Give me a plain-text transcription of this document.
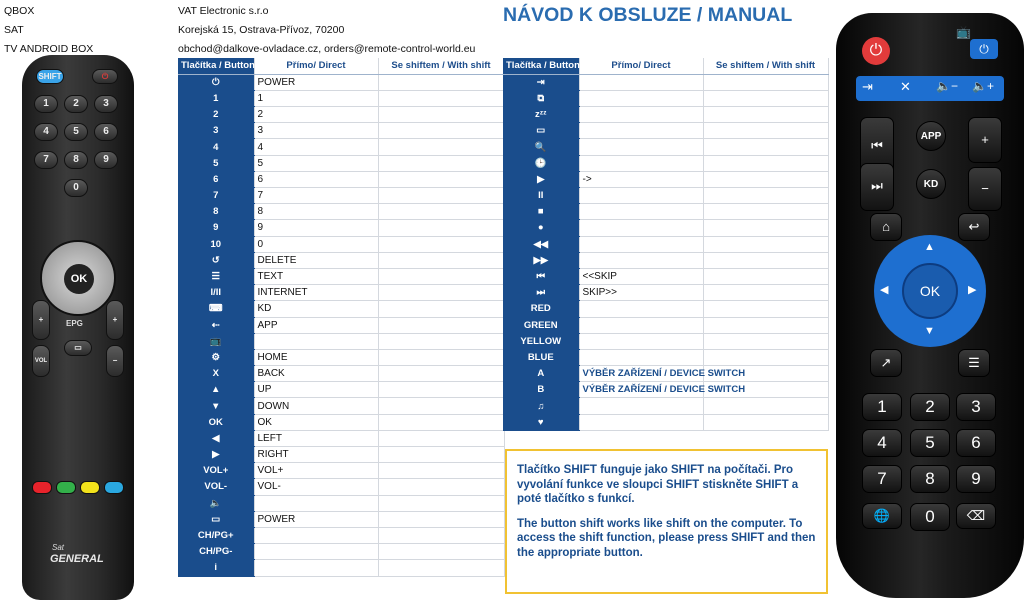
QBOX
SAT
TV ANDROID BOX
VAT Electronic s.r.o
Korejská 15, Ostrava-Přívoz, 70200
obchod@dalkove-ovladace.cz, orders@remote-control-world.eu
NÁVOD K OBSLUZE / MANUAL
Tlačítka / Button	Přímo/ Direct	Se shiftem / With shift
⏻	POWER	
1	1	
2	2	
3	3	
4	4	
5	5	
6	6	
7	7	
8	8	
9	9	
10	0	
↺	DELETE	
☰	TEXT	
I/II	INTERNET	
⌨	KD	
⇠	APP	
📺		
⚙	HOME	
X	BACK	
▲	UP	
▼	DOWN	
OK	OK	
◀	LEFT	
▶	RIGHT	
VOL+	VOL+	
VOL-	VOL-	
🔈		
▭	POWER	
CH/PG+		
CH/PG-		
i		
Tlačítka / Button	Přímo/ Direct	Se shiftem / With shift
⇥		
⧉		
zᶻᶻ		
▭		
🔍		
🕒		
▶	->	
II		
■		
●		
◀◀		
▶▶		
⏮	<<SKIP	
⏭	SKIP>>	
RED		
GREEN		
YELLOW		
BLUE		
A	VÝBĚR ZAŘÍZENÍ / DEVICE SWITCH	
B	VÝBĚR ZAŘÍZENÍ / DEVICE SWITCH	
♫		
♥		

Tlačítko SHIFT funguje jako SHIFT na počítači. Pro vyvolání funkce ve sloupci SHIFT stiskněte SHIFT a poté tlačítko s funkcí.

The button shift works like shift on the computer. To access the shift function, please press SHIFT and then the appropriate button.

SHIFT	⏻
1	2	3
4	5	6
7	8	9
0
OK
EPG
+
VOL
+
−
▭
Sat
GENERAL
⏻
📺
⏻
⇥ ✕ 🔈− 🔈+
⏮
⏭
APP
KD
+
−
⌂	↩
▲
▼
◀	▶
OK
↗	☰
1	2	3
4	5	6
7	8	9
0
🌐	⌫
